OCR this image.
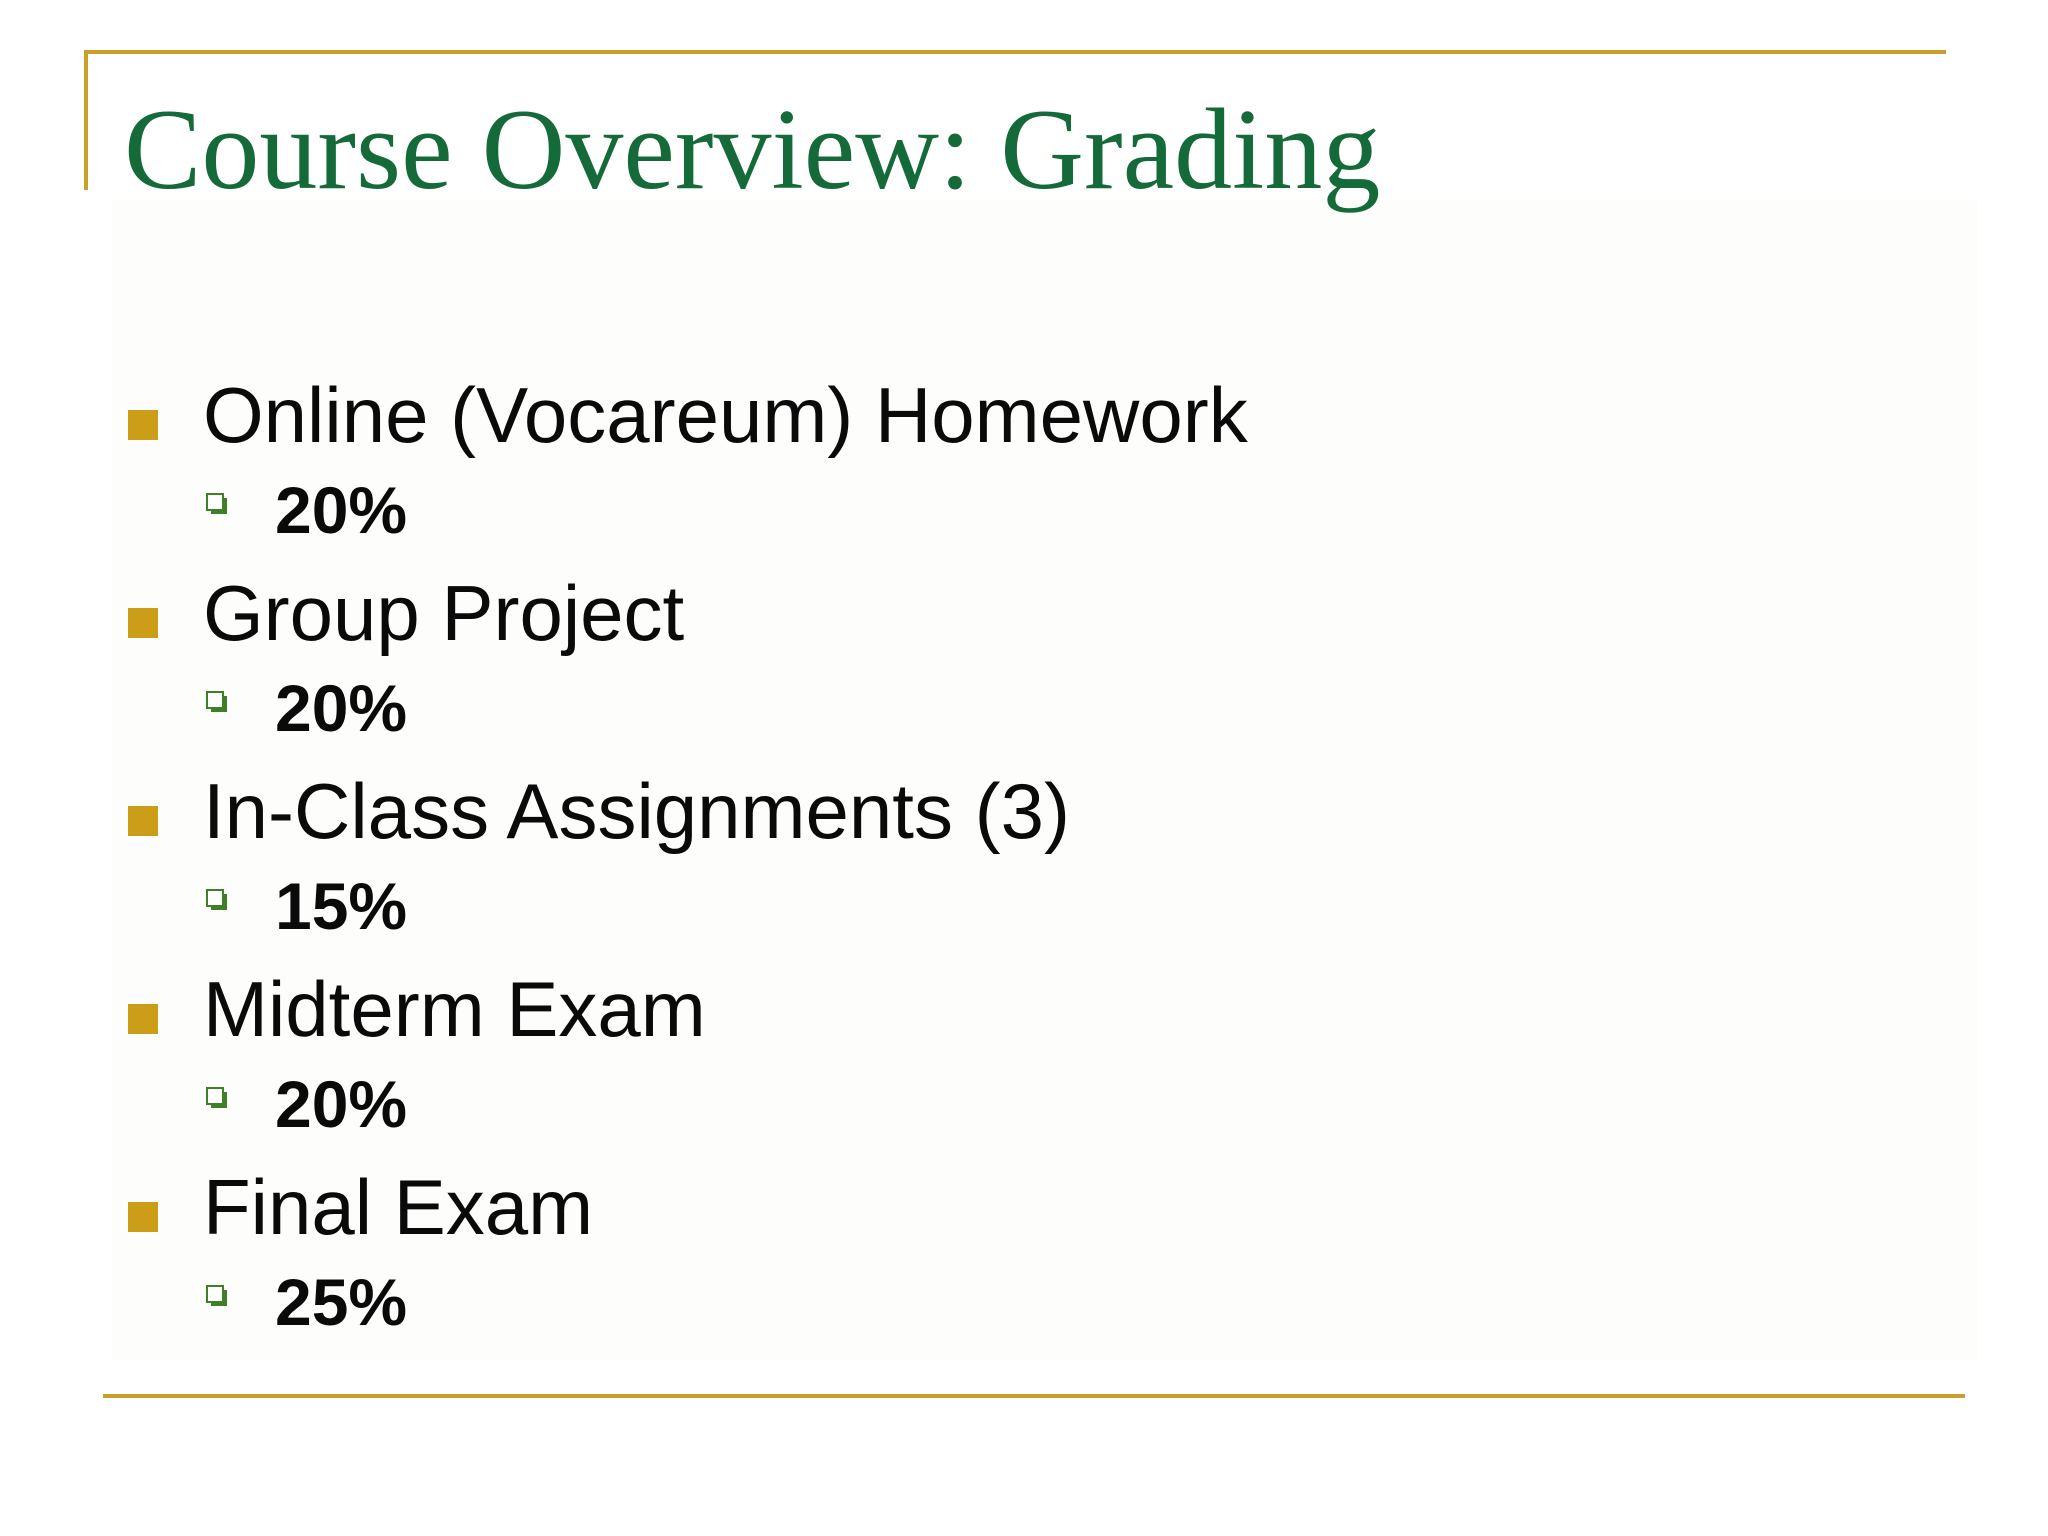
Course Overview: Grading
Online (Vocareum) Homework
20%
Group Project
20%
In-Class Assignments (3)
15%
Midterm Exam
20%
Final Exam
25%
